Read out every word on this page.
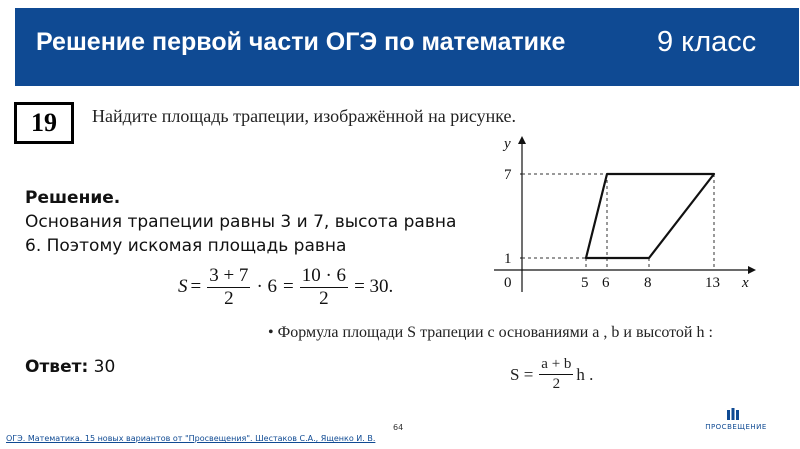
Решение первой части ОГЭ по математике	9 класс
19	Найдите площадь трапеции, изображённой на рисунке.
y
x
0
7
1
5 6 8	13
Решение.
Основания трапеции равны 3 и 7, высота равна 6. Поэтому искомая площадь равна
$S = \frac{3 + 7}{2} \cdot 6 = \frac{10 \cdot 6}{2} = 30$.
Ответ: 30
• Формула площади S трапеции с основаниями a , b и высотой h :
$S = \frac{a + b}{2}$ h .
64
ОГЭ. Математика. 15 новых вариантов от "Просвещения". Шестаков С.А., Ященко И. В.
ПРОСВЕЩЕНИЕ
